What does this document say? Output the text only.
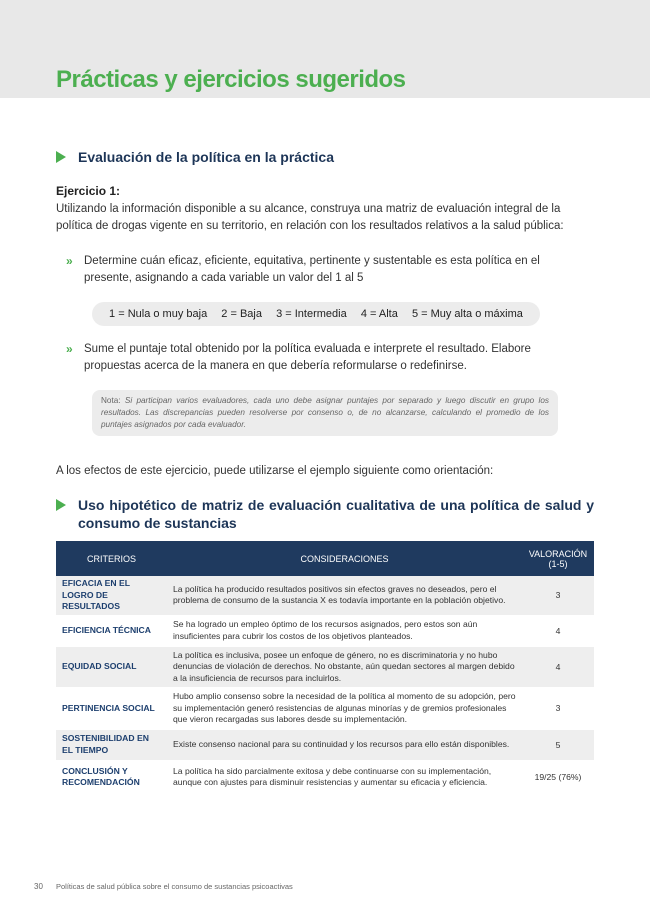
Prácticas y ejercicios sugeridos
Evaluación de la política en la práctica
Ejercicio 1:

Utilizando la información disponible a su alcance, construya una matriz de evaluación integral de la política de drogas vigente en su territorio, en relación con los resultados relativos a la salud pública:

» Determine cuán eficaz, eficiente, equitativa, pertinente y sustentable es esta política en el presente, asignando a cada variable un valor del 1 al 5
1 = Nula o muy baja 2 = Baja 3 = Intermedia 4 = Alta 5 = Muy alta o máxima
» Sume el puntaje total obtenido por la política evaluada e interprete el resultado. Elabore propuestas acerca de la manera en que debería reformularse o redefinirse.
Nota: Si participan varios evaluadores, cada uno debe asignar puntajes por separado y luego discutir en grupo los resultados. Las discrepancias pueden resolverse por consenso o, de no alcanzarse, calculando el promedio de los puntajes asignados por cada evaluador.

A los efectos de este ejercicio, puede utilizarse el ejemplo siguiente como orientación:

Uso hipotético de matriz de evaluación cualitativa de una política de salud y consumo de sustancias
CRITERIOS	CONSIDERACIONES	VALORACIÓN
(1-5)
EFICACIA EN EL LOGRO DE RESULTADOS	La política ha producido resultados positivos sin efectos graves no deseados, pero el problema de consumo de la sustancia X es todavía importante en la población objetivo.	3
EFICIENCIA TÉCNICA	Se ha logrado un empleo óptimo de los recursos asignados, pero estos son aún insuficientes para cubrir los costos de los objetivos planteados.	4
EQUIDAD SOCIAL	La política es inclusiva, posee un enfoque de género, no es discriminatoria y no hubo denuncias de violación de derechos. No obstante, aún quedan sectores al margen debido a la insuficiencia de recursos para incluirlos.	4
PERTINENCIA SOCIAL	Hubo amplio consenso sobre la necesidad de la política al momento de su adopción, pero su implementación generó resistencias de algunas minorías y de gremios profesionales que vieron recargadas sus labores desde su implementación.	3
SOSTENIBILIDAD EN EL TIEMPO	Existe consenso nacional para su continuidad y los recursos para ello están disponibles.	5
CONCLUSIÓN Y RECOMENDACIÓN	La política ha sido parcialmente exitosa y debe continuarse con su implementación, aunque con ajustes para disminuir resistencias y aumentar su eficacia y eficiencia.	19/25 (76%)
30 Políticas de salud pública sobre el consumo de sustancias psicoactivas
